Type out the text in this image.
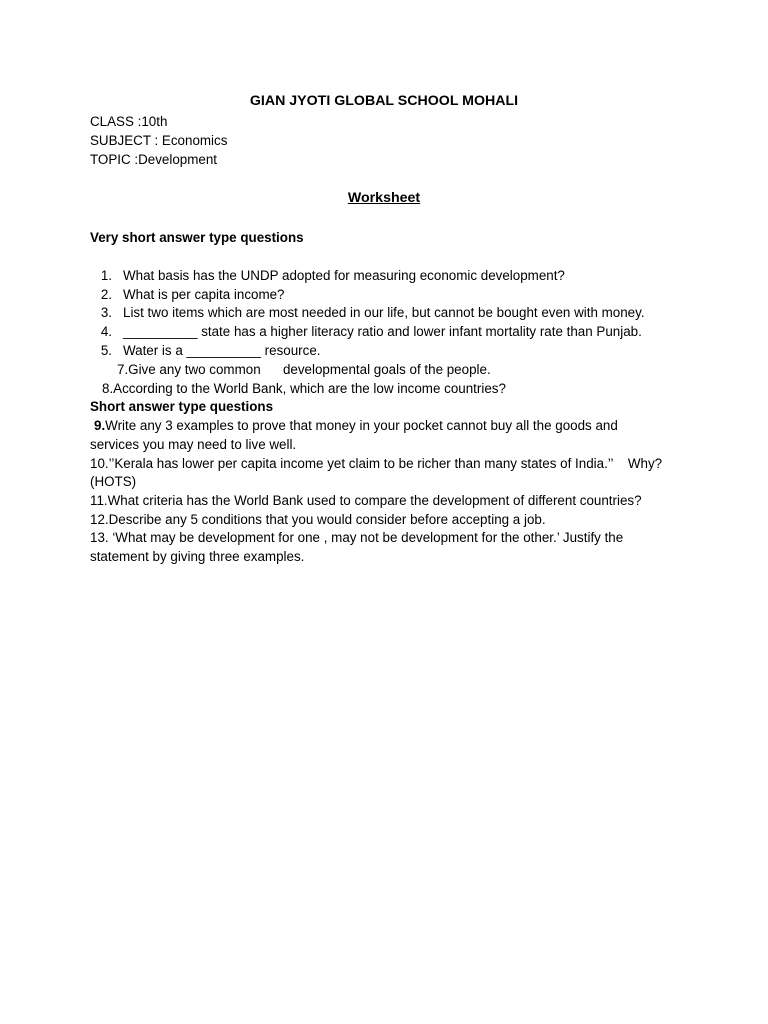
GIAN JYOTI GLOBAL SCHOOL MOHALI
CLASS :10th
SUBJECT : Economics
TOPIC :Development
Worksheet
Very short answer type questions
1. What basis has the UNDP adopted for measuring economic development?
2. What is per capita income?
3. List two items which are most needed in our life, but cannot be bought even with money.
4. __________ state has a higher literacy ratio and lower infant mortality rate than Punjab.
5. Water is a __________ resource.
7.Give any two common      developmental goals of the people.
8.According to the World Bank, which are the low income countries?
Short answer type questions
9.Write any 3 examples to prove that money in your pocket cannot buy all the goods and
services you may need to live well.
10.’’Kerala has lower per capita income yet claim to be richer than many states of India.’’    Why?
(HOTS)
11.What criteria has the World Bank used to compare the development of different countries?
12.Describe any 5 conditions that you would consider before accepting a job.
13. ‘What may be development for one , may not be development for the other.’ Justify the
statement by giving three examples.
